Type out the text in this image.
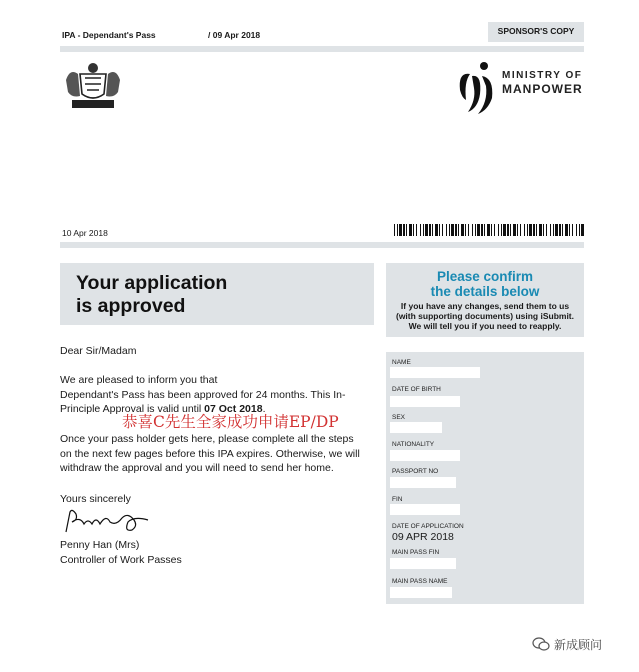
IPA - Dependant's Pass	/ 09 Apr 2018	SPONSOR'S COPY
MINISTRY OF
MANPOWER
10 Apr 2018
Your application
is approved
Please confirm
the details below
If you have any changes, send them to us
(with supporting documents) using iSubmit.
We will tell you if you need to reapply.
Dear Sir/Madam
We are pleased to inform you that
Dependant's Pass has been approved for 24 months. This In-
Principle Approval is valid until 07 Oct 2018.
Once your pass holder gets here, please complete all the steps
on the next few pages before this IPA expires. Otherwise, we will
withdraw the approval and you will need to send her home.
Yours sincerely
Penny Han (Mrs)
Controller of Work Passes
恭喜C先生全家成功申请EP/DP
NAME
DATE OF BIRTH
SEX
NATIONALITY
PASSPORT NO
FIN
DATE OF APPLICATION
09 APR 2018
MAIN PASS FIN
MAIN PASS NAME
新成顾问
